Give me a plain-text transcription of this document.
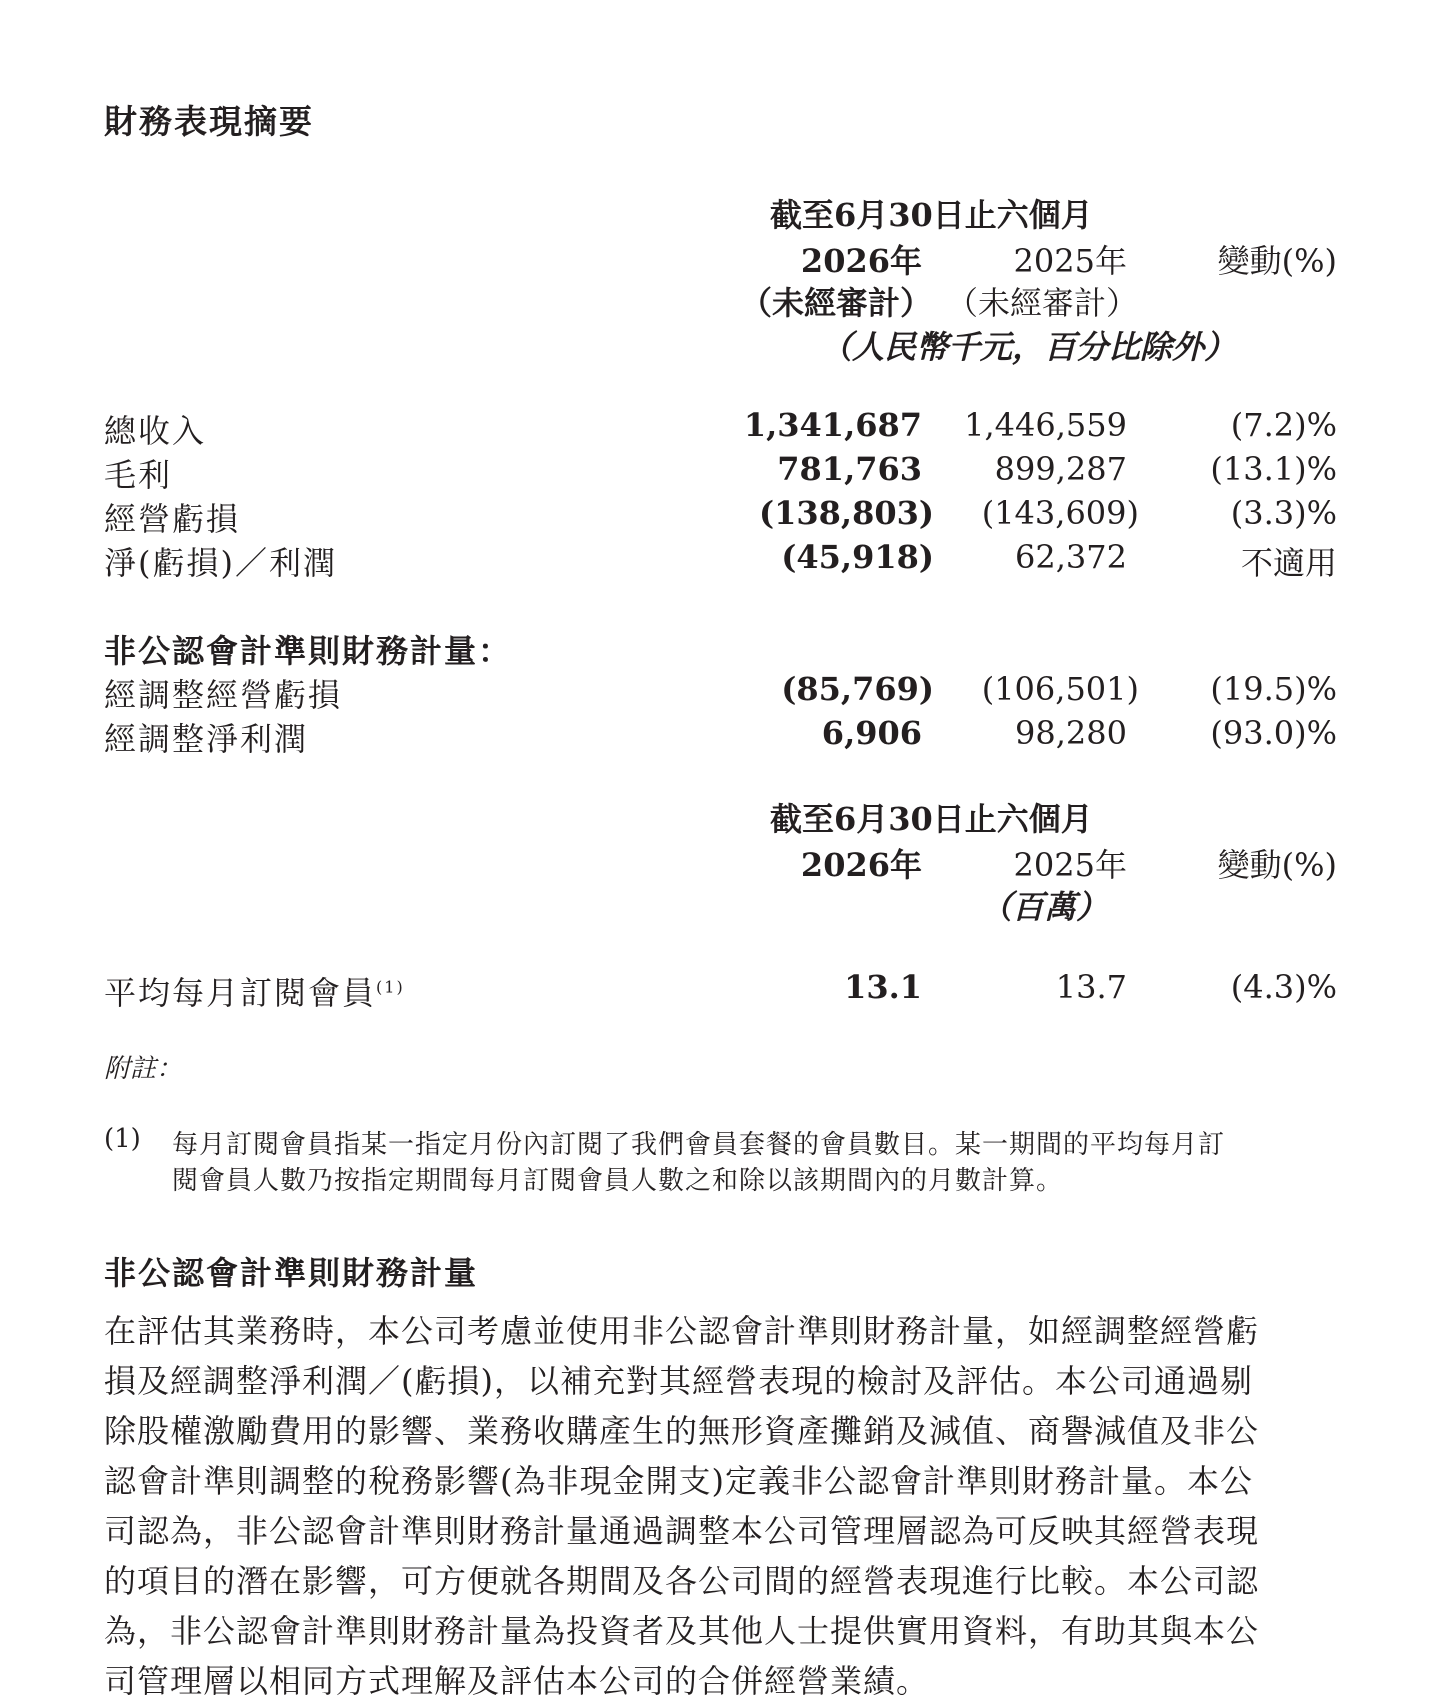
財務表現摘要
截至6月30日止六個月
2026年	2025年	變動(%)
（未經審計） （未經審計）
（人民幣千元，百分比除外）
總收入	1,341,687 1,446,559	(7.2)%
毛利	781,763 899,287	(13.1)%
經營虧損	(138,803) (143,609)	(3.3)%
淨(虧損)／利潤	(45,918)	62,372	不適用
非公認會計準則財務計量：
經調整經營虧損	(85,769) (106,501) (19.5)%
經調整淨利潤	6,906	98,280	(93.0)%
截至6月30日止六個月
2026年	2025年	變動(%)
（百萬）
平均每月訂閱會員$^{(1)}$	13.1	13.7	(4.3)%
附註：
(1) 每月訂閱會員指某一指定月份內訂閱了我們會員套餐的會員數目。某一期間的平均每月訂
閱會員人數乃按指定期間每月訂閱會員人數之和除以該期間內的月數計算。
非公認會計準則財務計量
在評估其業務時，本公司考慮並使用非公認會計準則財務計量，如經調整經營虧
損及經調整淨利潤／(虧損)，以補充對其經營表現的檢討及評估。本公司通過剔
除股權激勵費用的影響、業務收購產生的無形資產攤銷及減值、商譽減值及非公
認會計準則調整的稅務影響(為非現金開支)定義非公認會計準則財務計量。本公
司認為，非公認會計準則財務計量通過調整本公司管理層認為可反映其經營表現
的項目的潛在影響，可方便就各期間及各公司間的經營表現進行比較。本公司認
為，非公認會計準則財務計量為投資者及其他人士提供實用資料，有助其與本公
司管理層以相同方式理解及評估本公司的合併經營業績。
